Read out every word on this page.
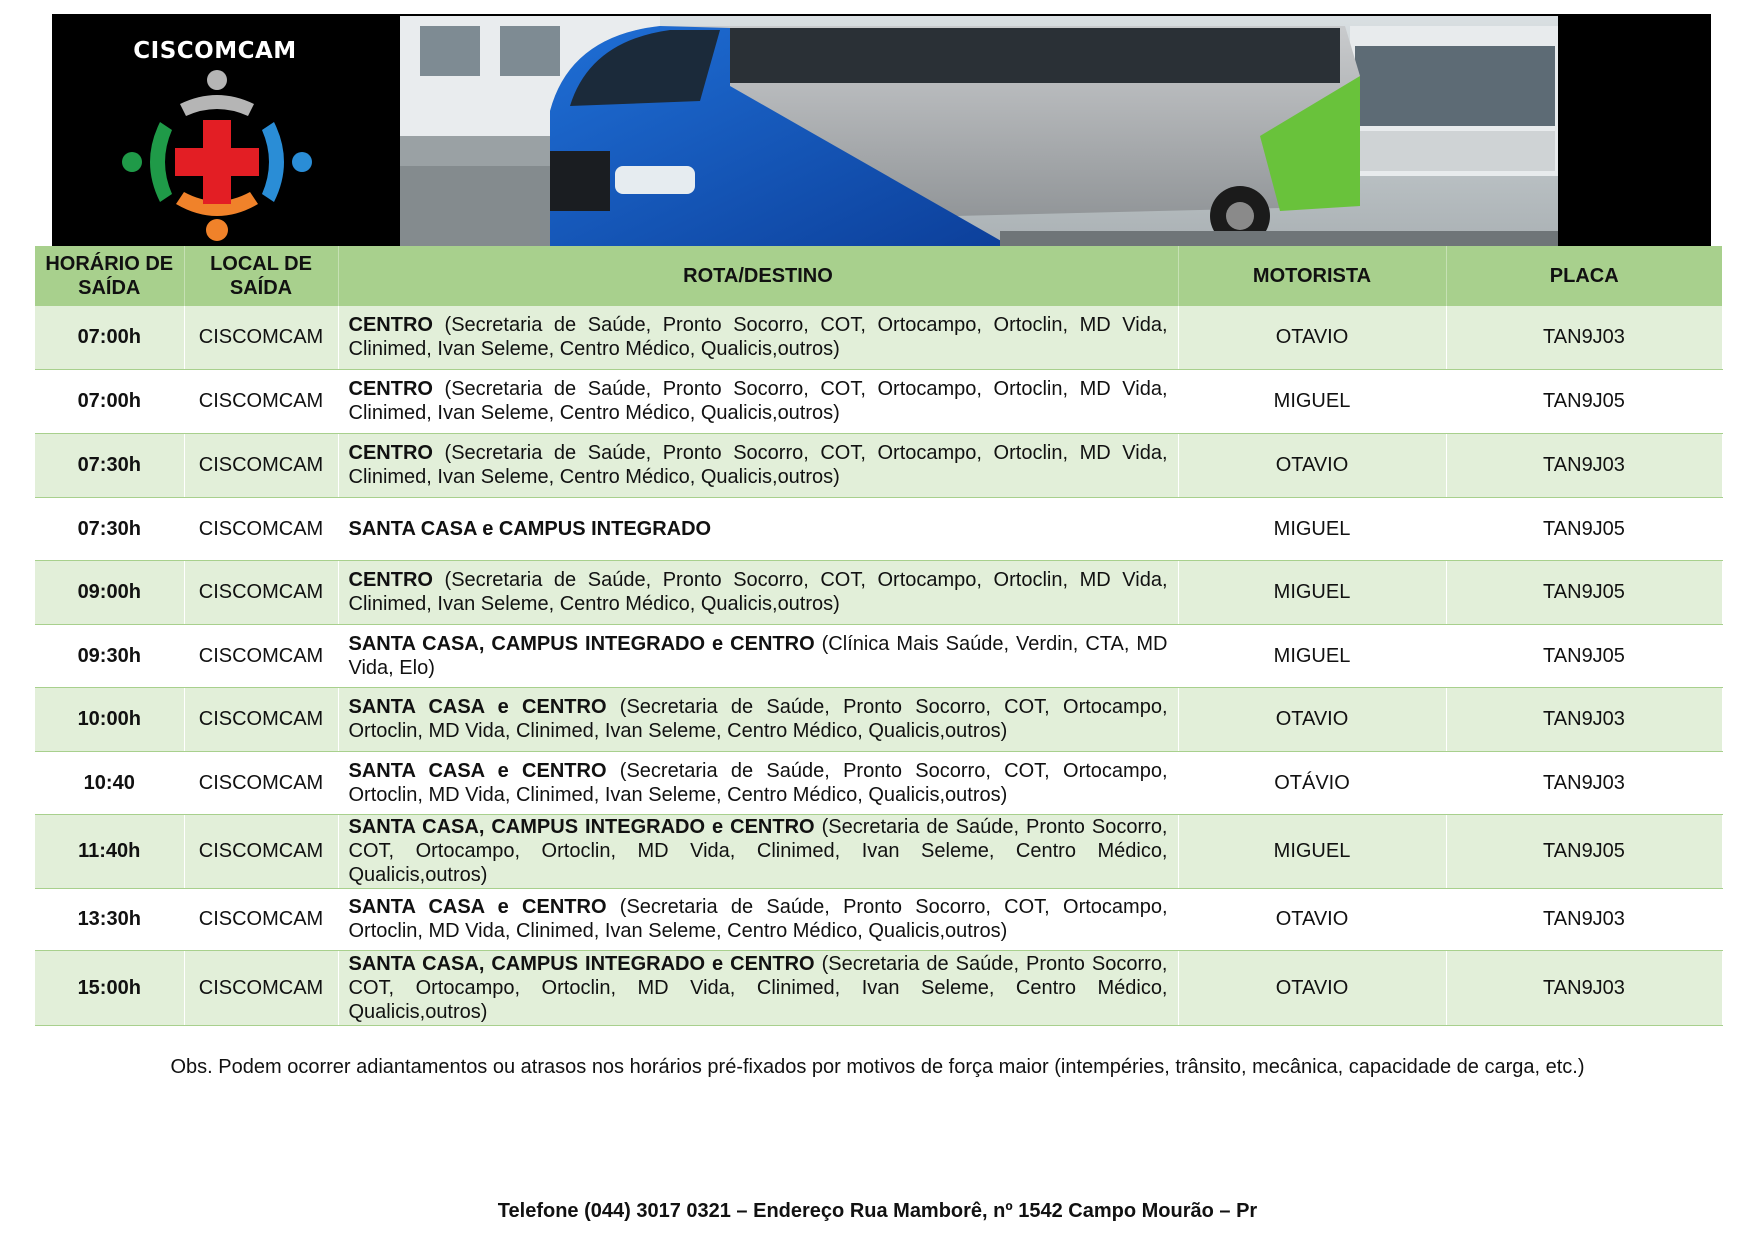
CISCOMCAM
HORÁRIO DE SAÍDA	LOCAL DE SAÍDA	ROTA/DESTINO	MOTORISTA	PLACA
07:00h	CISCOMCAM	CENTRO (Secretaria de Saúde, Pronto Socorro, COT, Ortocampo, Ortoclin, MD Vida, Clinimed, Ivan Seleme, Centro Médico, Qualicis,outros)	OTAVIO	TAN9J03
07:00h	CISCOMCAM	CENTRO (Secretaria de Saúde, Pronto Socorro, COT, Ortocampo, Ortoclin, MD Vida, Clinimed, Ivan Seleme, Centro Médico, Qualicis,outros)	MIGUEL	TAN9J05
07:30h	CISCOMCAM	CENTRO (Secretaria de Saúde, Pronto Socorro, COT, Ortocampo, Ortoclin, MD Vida, Clinimed, Ivan Seleme, Centro Médico, Qualicis,outros)	OTAVIO	TAN9J03
07:30h	CISCOMCAM	SANTA CASA e CAMPUS INTEGRADO	MIGUEL	TAN9J05
09:00h	CISCOMCAM	CENTRO (Secretaria de Saúde, Pronto Socorro, COT, Ortocampo, Ortoclin, MD Vida, Clinimed, Ivan Seleme, Centro Médico, Qualicis,outros)	MIGUEL	TAN9J05
09:30h	CISCOMCAM	SANTA CASA, CAMPUS INTEGRADO e CENTRO (Clínica Mais Saúde, Verdin, CTA, MD Vida, Elo)	MIGUEL	TAN9J05
10:00h	CISCOMCAM	SANTA CASA e CENTRO (Secretaria de Saúde, Pronto Socorro, COT, Ortocampo, Ortoclin, MD Vida, Clinimed, Ivan Seleme, Centro Médico, Qualicis,outros)	OTAVIO	TAN9J03
10:40	CISCOMCAM	SANTA CASA e CENTRO (Secretaria de Saúde, Pronto Socorro, COT, Ortocampo, Ortoclin, MD Vida, Clinimed, Ivan Seleme, Centro Médico, Qualicis,outros)	OTÁVIO	TAN9J03
11:40h	CISCOMCAM	SANTA CASA, CAMPUS INTEGRADO e CENTRO (Secretaria de Saúde, Pronto Socorro, COT, Ortocampo, Ortoclin, MD Vida, Clinimed, Ivan Seleme, Centro Médico, Qualicis,outros)	MIGUEL	TAN9J05
13:30h	CISCOMCAM	SANTA CASA e CENTRO (Secretaria de Saúde, Pronto Socorro, COT, Ortocampo, Ortoclin, MD Vida, Clinimed, Ivan Seleme, Centro Médico, Qualicis,outros)	OTAVIO	TAN9J03
15:00h	CISCOMCAM	SANTA CASA, CAMPUS INTEGRADO e CENTRO (Secretaria de Saúde, Pronto Socorro, COT, Ortocampo, Ortoclin, MD Vida, Clinimed, Ivan Seleme, Centro Médico, Qualicis,outros)	OTAVIO	TAN9J03
Obs. Podem ocorrer adiantamentos ou atrasos nos horários pré-fixados por motivos de força maior (intempéries, trânsito, mecânica, capacidade de carga, etc.)
Telefone (044) 3017 0321 – Endereço Rua Mamborê, nº 1542 Campo Mourão – Pr
